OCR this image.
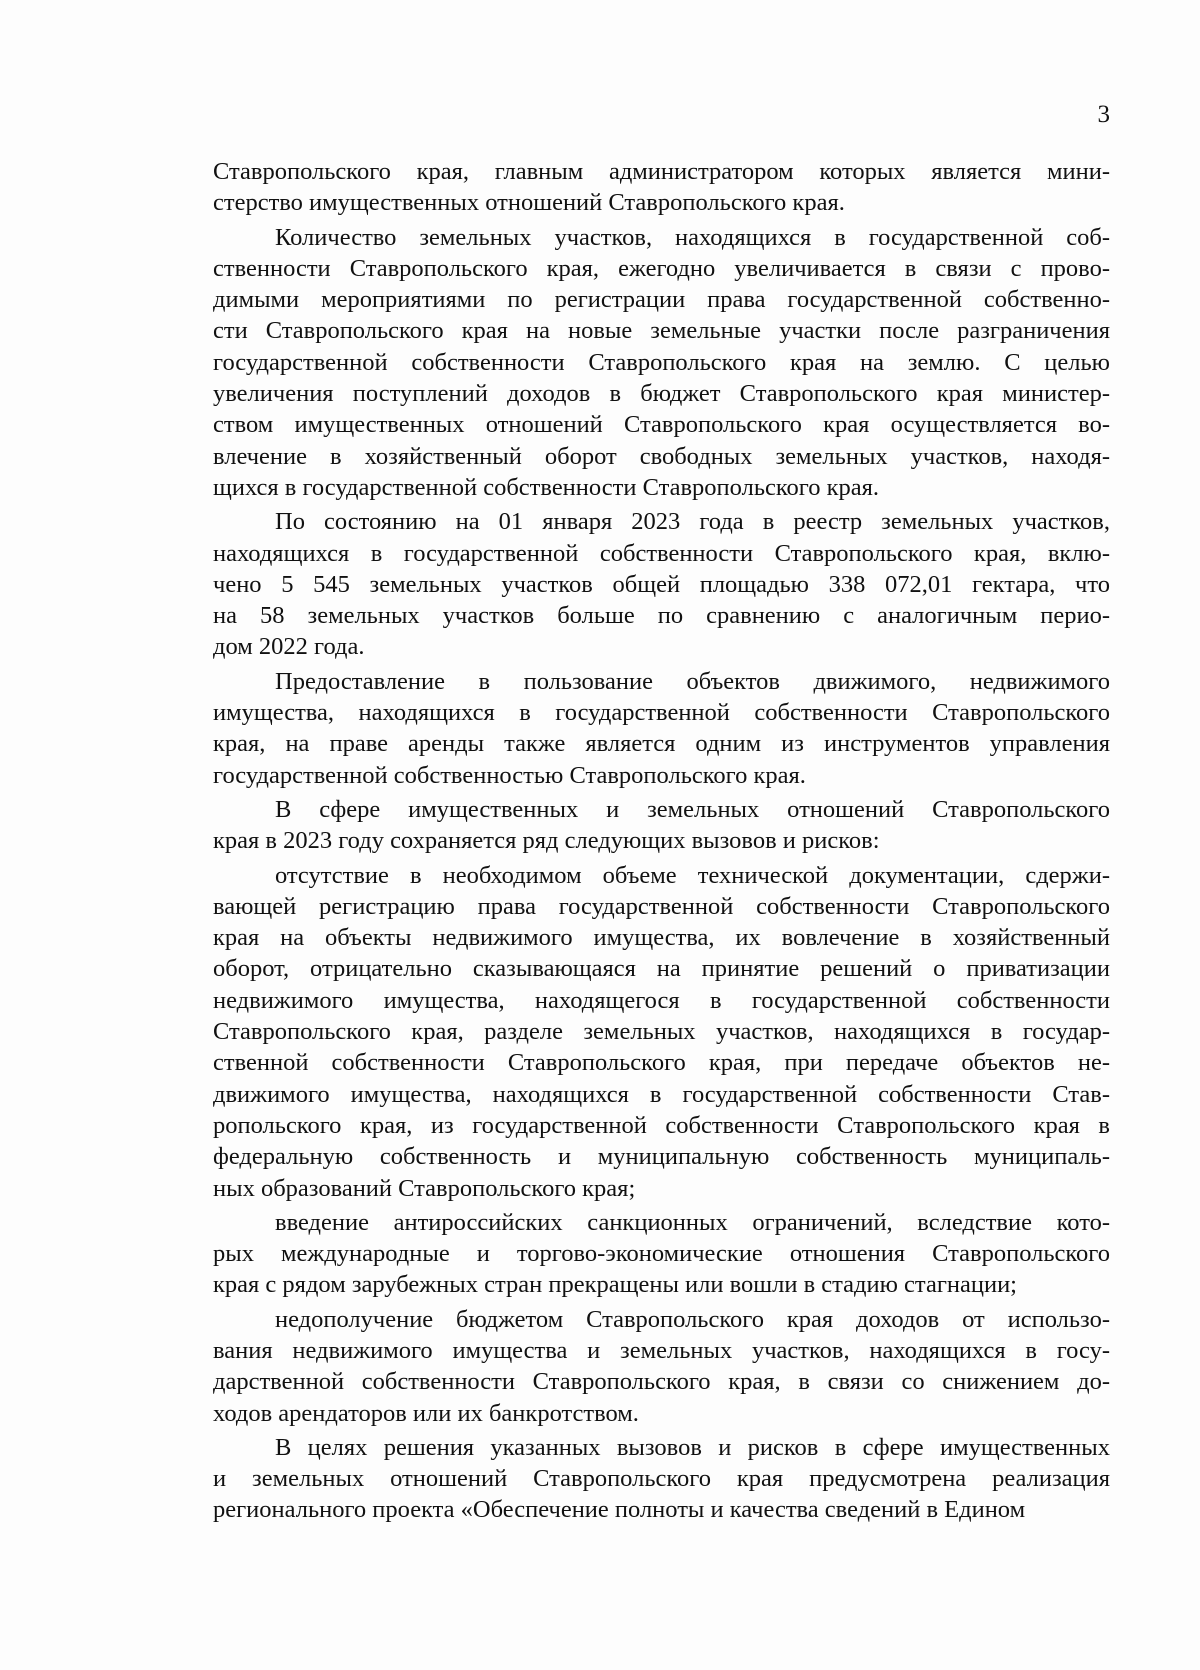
3
Ставропольского края, главным администратором которых является мини-
стерство имущественных отношений Ставропольского края.
Количество земельных участков, находящихся в государственной соб-
ственности Ставропольского края, ежегодно увеличивается в связи с прово-
димыми мероприятиями по регистрации права государственной собственно-
сти Ставропольского края на новые земельные участки после разграничения
государственной собственности Ставропольского края на землю. С целью
увеличения поступлений доходов в бюджет Ставропольского края министер-
ством имущественных отношений Ставропольского края осуществляется во-
влечение в хозяйственный оборот свободных земельных участков, находя-
щихся в государственной собственности Ставропольского края.
По состоянию на 01 января 2023 года в реестр земельных участков,
находящихся в государственной собственности Ставропольского края, вклю-
чено 5 545 земельных участков общей площадью 338 072,01 гектара, что
на 58 земельных участков больше по сравнению с аналогичным перио-
дом 2022 года.
Предоставление в пользование объектов движимого, недвижимого
имущества, находящихся в государственной собственности Ставропольского
края, на праве аренды также является одним из инструментов управления
государственной собственностью Ставропольского края.
В сфере имущественных и земельных отношений Ставропольского
края в 2023 году сохраняется ряд следующих вызовов и рисков:
отсутствие в необходимом объеме технической документации, сдержи-
вающей регистрацию права государственной собственности Ставропольского
края на объекты недвижимого имущества, их вовлечение в хозяйственный
оборот, отрицательно сказывающаяся на принятие решений о приватизации
недвижимого имущества, находящегося в государственной собственности
Ставропольского края, разделе земельных участков, находящихся в государ-
ственной собственности Ставропольского края, при передаче объектов не-
движимого имущества, находящихся в государственной собственности Став-
ропольского края, из государственной собственности Ставропольского края в
федеральную собственность и муниципальную собственность муниципаль-
ных образований Ставропольского края;
введение антироссийских санкционных ограничений, вследствие кото-
рых международные и торгово-экономические отношения Ставропольского
края с рядом зарубежных стран прекращены или вошли в стадию стагнации;
недополучение бюджетом Ставропольского края доходов от использо-
вания недвижимого имущества и земельных участков, находящихся в госу-
дарственной собственности Ставропольского края, в связи со снижением до-
ходов арендаторов или их банкротством.
В целях решения указанных вызовов и рисков в сфере имущественных
и земельных отношений Ставропольского края предусмотрена реализация
регионального проекта «Обеспечение полноты и качества сведений в Едином
